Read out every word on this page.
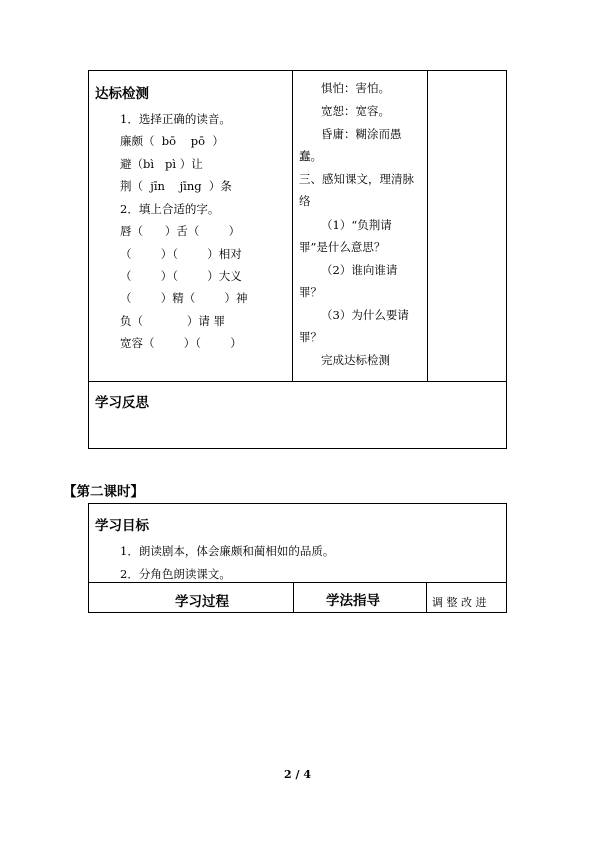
达标检测
1．选择正确的读音。
廉颇（  bō    pō  ）
避（bì   pì ）让
荆（  jīn    jīng  ）条
2．填上合适的字。
唇（      ）舌（        ）
（        ）（        ）相对
（        ）（        ）大义
（        ）精（        ）神
负（            ）请 罪
宽容（        ）（        ）
惧怕：害怕。
宽恕：宽容。
昏庸：糊涂而愚
蠢。
三、感知课文，理清脉
络
（1）“负荆请
罪”是什么意思？
（2）谁向谁请
罪？
（3）为什么要请
罪？
完成达标检测
学习反思
【第二课时】
学习目标
1．朗读剧本，体会廉颇和蔺相如的品质。
2．分角色朗读课文。
学习过程	学法指导	调 整 改 进
2 / 4
